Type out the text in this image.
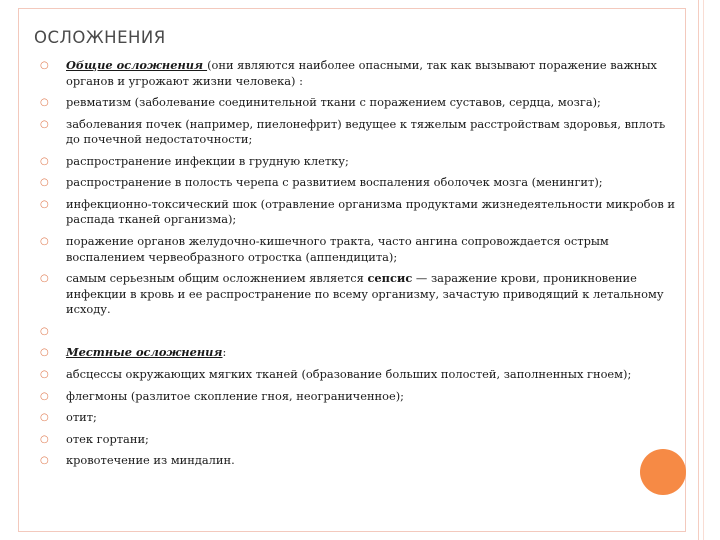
ОСЛОЖНЕНИЯ
○ Общие осложнения (они являются наиболее опасными, так как вызывают поражение важных органов и угрожают жизни человека) :
○ ревматизм (заболевание соединительной ткани с поражением суставов, сердца, мозга);
○ заболевания почек (например, пиелонефрит) ведущее к тяжелым расстройствам здоровья, вплоть до почечной недостаточности;
○ распространение инфекции в грудную клетку;
○ распространение в полость черепа с развитием воспаления оболочек мозга (менингит);
○ инфекционно-токсический шок (отравление организма продуктами жизнедеятельности микробов и распада тканей организма);
○ поражение органов желудочно-кишечного тракта, часто ангина сопровождается острым воспалением червеобразного отростка (аппендицита);
○ самым серьезным общим осложнением является сепсис — заражение крови, проникновение инфекции в кровь и ее распространение по всему организму, зачастую приводящий к летальному исходу.
○
○ Местные осложнения:
○ абсцессы окружающих мягких тканей (образование больших полостей, заполненных гноем);
○ флегмоны (разлитое скопление гноя, неограниченное);
○ отит;
○ отек гортани;
○ кровотечение из миндалин.
